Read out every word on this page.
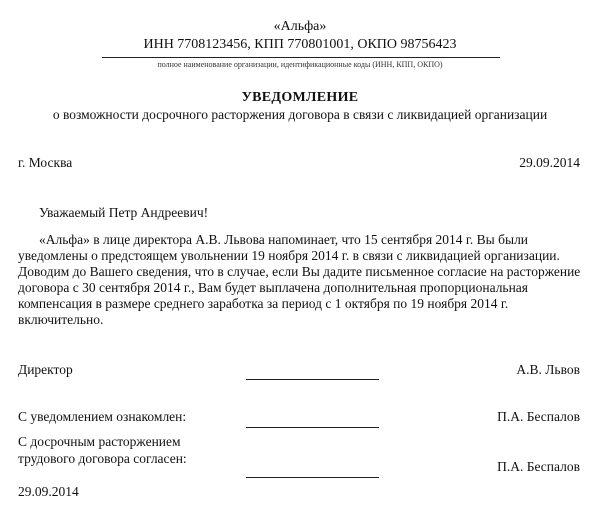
«Альфа»
ИНН 7708123456, КПП 770801001, ОКПО 98756423
полное наименование организации, идентификационные коды (ИНН, КПП, ОКПО)
УВЕДОМЛЕНИЕ
о возможности досрочного расторжения договора в связи с ликвидацией организации
г. Москва	29.09.2014
Уважаемый Петр Андреевич!
«Альфа» в лице директора А.В. Львова напоминает, что 15 сентября 2014 г. Вы были
уведомлены о предстоящем увольнении 19 ноября 2014 г. в связи с ликвидацией организации.
Доводим до Вашего сведения, что в случае, если Вы дадите письменное согласие на расторжение
договора с 30 сентября 2014 г., Вам будет выплачена дополнительная пропорциональная
компенсация в размере среднего заработка за период с 1 октября по 19 ноября 2014 г.
включительно.
Директор	А.В. Львов
С уведомлением ознакомлен:	П.А. Беспалов
С досрочным расторжением
трудового договора согласен:
П.А. Беспалов
29.09.2014
